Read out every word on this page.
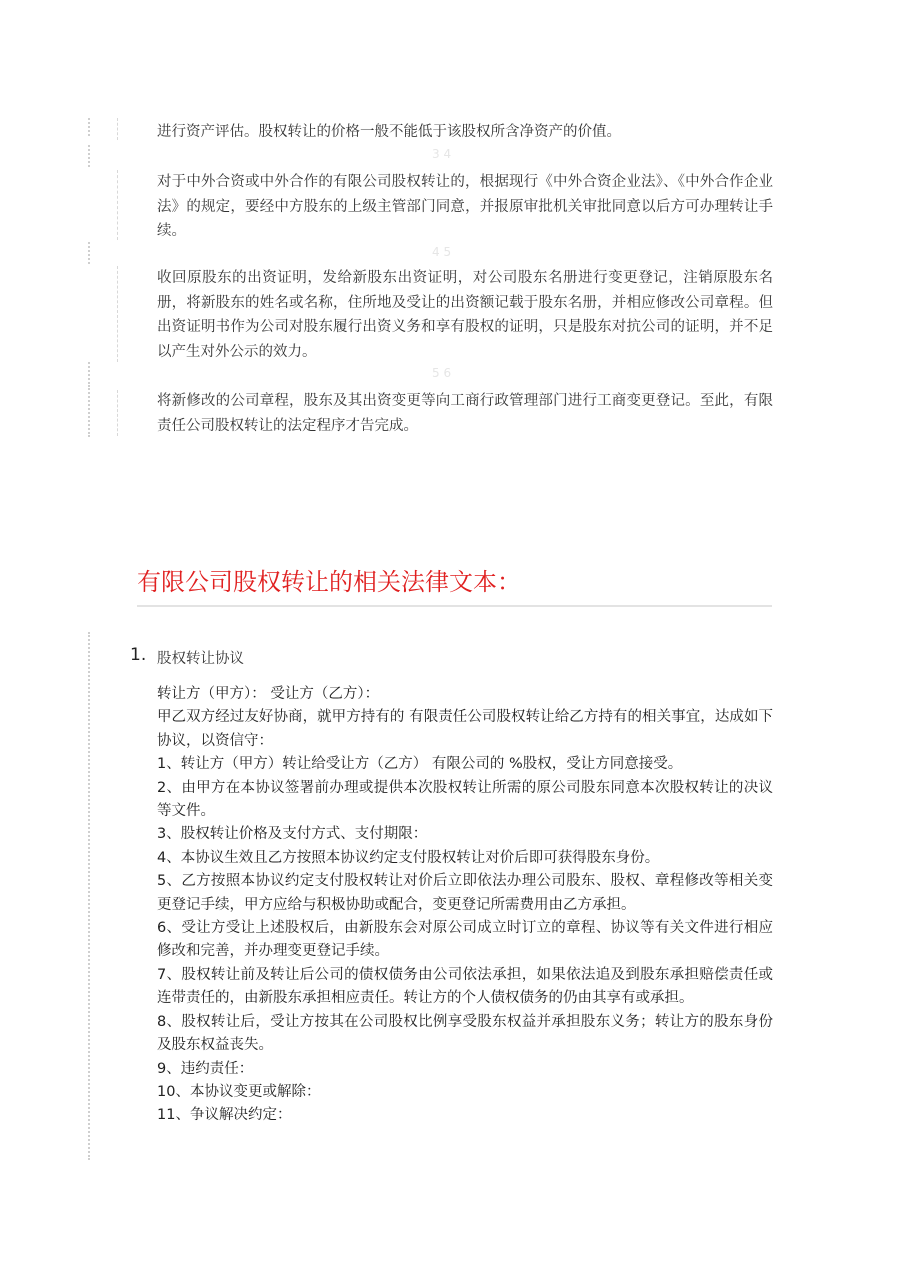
3 4
4 5
5 6

进行资产评估。股权转让的价格一般不能低于该股权所含净资产的价值。

对于中外合资或中外合作的有限公司股权转让的，根据现行《中外合资企业法》、《中外合作企业法》的规定，要经中方股东的上级主管部门同意，并报原审批机关审批同意以后方可办理转让手续。

收回原股东的出资证明，发给新股东出资证明，对公司股东名册进行变更登记，注销原股东名册，将新股东的姓名或名称，住所地及受让的出资额记载于股东名册，并相应修改公司章程。但出资证明书作为公司对股东履行出资义务和享有股权的证明，只是股东对抗公司的证明，并不足以产生对外公示的效力。

将新修改的公司章程，股东及其出资变更等向工商行政管理部门进行工商变更登记。至此，有限责任公司股权转让的法定程序才告完成。

有限公司股权转让的相关法律文本：
1. 股权转让协议
转让方（甲方）： 受让方（乙方）：
甲乙双方经过友好协商，就甲方持有的 有限责任公司股权转让给乙方持有的相关事宜，达成如下协议，以资信守：
1、转让方（甲方）转让给受让方（乙方） 有限公司的 %股权，受让方同意接受。
2、由甲方在本协议签署前办理或提供本次股权转让所需的原公司股东同意本次股权转让的决议等文件。
3、股权转让价格及支付方式、支付期限：
4、本协议生效且乙方按照本协议约定支付股权转让对价后即可获得股东身份。
5、乙方按照本协议约定支付股权转让对价后立即依法办理公司股东、股权、章程修改等相关变更登记手续，甲方应给与积极协助或配合，变更登记所需费用由乙方承担。
6、受让方受让上述股权后，由新股东会对原公司成立时订立的章程、协议等有关文件进行相应修改和完善，并办理变更登记手续。
7、股权转让前及转让后公司的债权债务由公司依法承担，如果依法追及到股东承担赔偿责任或连带责任的，由新股东承担相应责任。转让方的个人债权债务的仍由其享有或承担。
8、股权转让后，受让方按其在公司股权比例享受股东权益并承担股东义务；转让方的股东身份及股东权益丧失。
9、违约责任：
10、本协议变更或解除：
11、争议解决约定：
